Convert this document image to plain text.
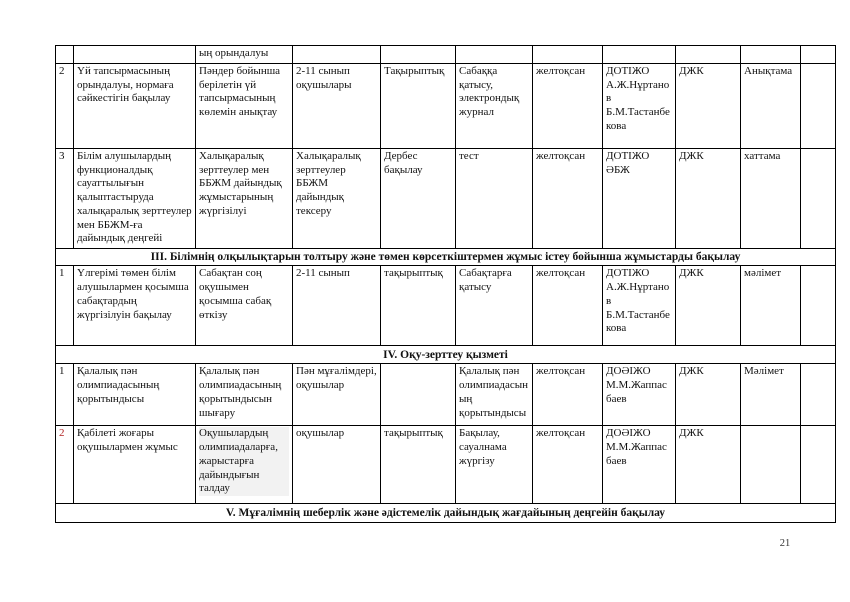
		ың орындалуы								
2	Үй тапсырмасының орындалуы, нормаға сәйкестігін бақылау	Пәндер бойынша берілетін үй тапсырмасының көлемін анықтау	2-11 сынып оқушылары	Тақырыптық	Сабаққа қатысу, электрондық журнал	желтоқсан	ДОТІЖО А.Ж.Нұртанов Б.М.Тастанбекова	ДЖК	Анықтама	
3	Білім алушылардың функционалдық сауаттылығын қалыптастыруда халықаралық зерттеулер мен ББЖМ-ға дайындық деңгейі	Халықаралық зерттеулер мен ББЖМ дайындық жұмыстарының жүргізілуі	Халықаралық зерттеулер ББЖМ дайындық тексеру	Дербес бақылау	тест	желтоқсан	ДОТІЖО ӘБЖ	ДЖК	хаттама	
ІІІ. Білімнің олқылықтарын толтыру және төмен көрсеткіштермен жұмыс істеу бойынша жұмыстарды бақылау										
1	Үлгерімі төмен білім алушылармен қосымша сабақтардың жүргізілуін бақылау	Сабақтан соң оқушымен қосымша сабақ өткізу	2-11 сынып	тақырыптық	Сабақтарға қатысу	желтоқсан	ДОТІЖО А.Ж.Нұртанов Б.М.Тастанбекова	ДЖК	мәлімет	
IV. Оқу-зерттеу қызметі										
1	Қалалық пән олимпиадасының қорытындысы	Қалалық пән олимпиадасының қорытындысын шығару	Пән мұғалімдері, оқушылар		Қалалық пән олимпиадасының қорытындысы	желтоқсан	ДОӘІЖО М.М.Жаппасбаев	ДЖК	Мәлімет	
2	Қабілеті жоғары оқушылармен жұмыс	Оқушылардың олимпиадаларға, жарыстарға дайындығын талдау	оқушылар	тақырыптық	Бақылау, сауалнама жүргізу	желтоқсан	ДОӘІЖО М.М.Жаппасбаев	ДЖК		
V. Мұғалімнің шеберлік және әдістемелік дайындық жағдайының деңгейін бақылау										
21
